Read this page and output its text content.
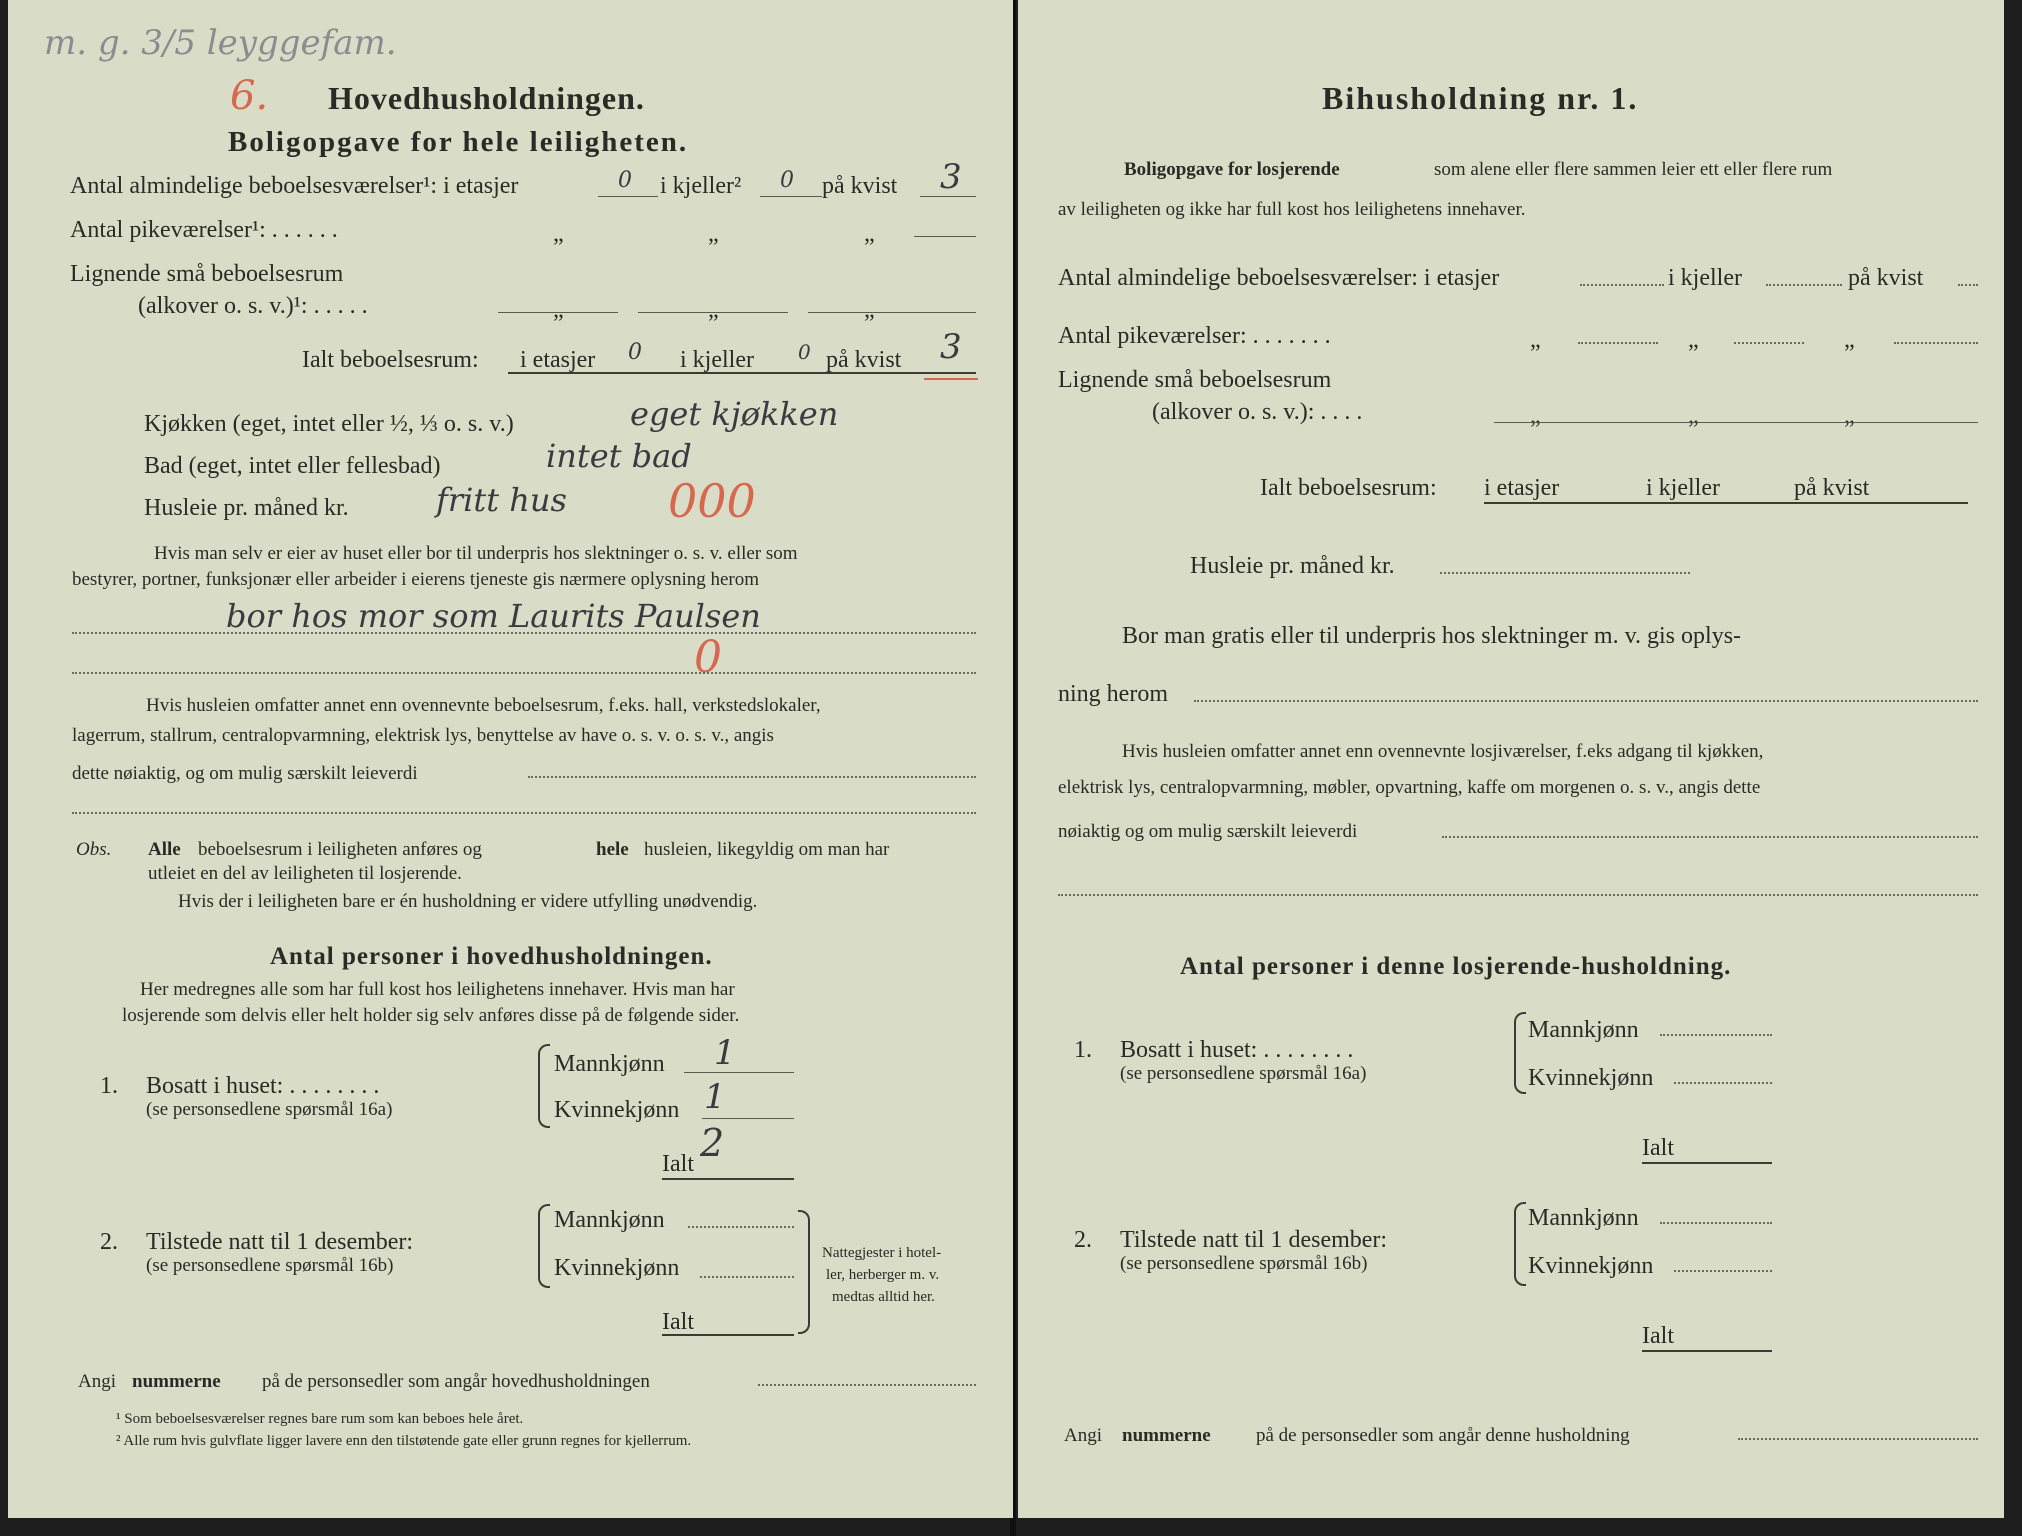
m. g. 3/5 leyggefam.
6. Hovedhusholdningen.
Boligopgave for hele leiligheten.
Antal almindelige beboelsesværelser¹: i etasjer	0 i kjeller² 0 på kvist 3
Antal pikeværelser¹: . . . . . .	„	„	„
Lignende små beboelsesrum
(alkover o. s. v.)¹: . . . . .	„	„	„
Ialt beboelsesrum: i etasjer 0 i kjeller 0 på kvist 3
Kjøkken (eget, intet eller ½, ⅓ o. s. v.)	eget kjøkken
Bad (eget, intet eller fellesbad)	intet bad
Husleie pr. måned kr.	fritt hus 000
Hvis man selv er eier av huset eller bor til underpris hos slektninger o. s. v. eller som
bestyrer, portner, funksjonær eller arbeider i eierens tjeneste gis nærmere oplysning herom
bor hos mor som Laurits Paulsen
0
Hvis husleien omfatter annet enn ovennevnte beboelsesrum, f.eks. hall, verkstedslokaler,
lagerrum, stallrum, centralopvarmning, elektrisk lys, benyttelse av have o. s. v. o. s. v., angis
dette nøiaktig, og om mulig særskilt leieverdi
Obs. Alle beboelsesrum i leiligheten anføres og	hele husleien, likegyldig om man har
utleiet en del av leiligheten til losjerende.
Hvis der i leiligheten bare er én husholdning er videre utfylling unødvendig.
Antal personer i hovedhusholdningen.
Her medregnes alle som har full kost hos leilighetens innehaver. Hvis man har
losjerende som delvis eller helt holder sig selv anføres disse på de følgende sider.
1. Bosatt i huset: . . . . . . . .
(se personsedlene spørsmål 16a)
Mannkjønn 1
Kvinnekjønn 1
Ialt 2
2. Tilstede natt til 1 desember:
(se personsedlene spørsmål 16b)
Mannkjønn
Kvinnekjønn
Ialt
Nattegjester i hotel-
ler, herberger m. v.
medtas alltid her.
Angi nummerne på de personsedler som angår hovedhusholdningen
¹ Som beboelsesværelser regnes bare rum som kan beboes hele året.
² Alle rum hvis gulvflate ligger lavere enn den tilstøtende gate eller grunn regnes for kjellerrum.
Bihusholdning nr. 1.
Boligopgave for losjerende	som alene eller flere sammen leier ett eller flere rum
av leiligheten og ikke har full kost hos leilighetens innehaver.
Antal almindelige beboelsesværelser: i etasjer	i kjeller	på kvist
Antal pikeværelser: . . . . . . .	„	„	„
Lignende små beboelsesrum
(alkover o. s. v.): . . . .	„	„	„
Ialt beboelsesrum: i etasjer	i kjeller	på kvist
Husleie pr. måned kr.
Bor man gratis eller til underpris hos slektninger m. v. gis oplys-
ning herom
Hvis husleien omfatter annet enn ovennevnte losjiværelser, f.eks adgang til kjøkken,
elektrisk lys, centralopvarmning, møbler, opvartning, kaffe om morgenen o. s. v., angis dette
nøiaktig og om mulig særskilt leieverdi
Antal personer i denne losjerende-husholdning.
1. Bosatt i huset: . . . . . . . .
(se personsedlene spørsmål 16a)
Mannkjønn
Kvinnekjønn
Ialt
2. Tilstede natt til 1 desember:
(se personsedlene spørsmål 16b)
Mannkjønn
Kvinnekjønn
Ialt
Angi nummerne på de personsedler som angår denne husholdning
